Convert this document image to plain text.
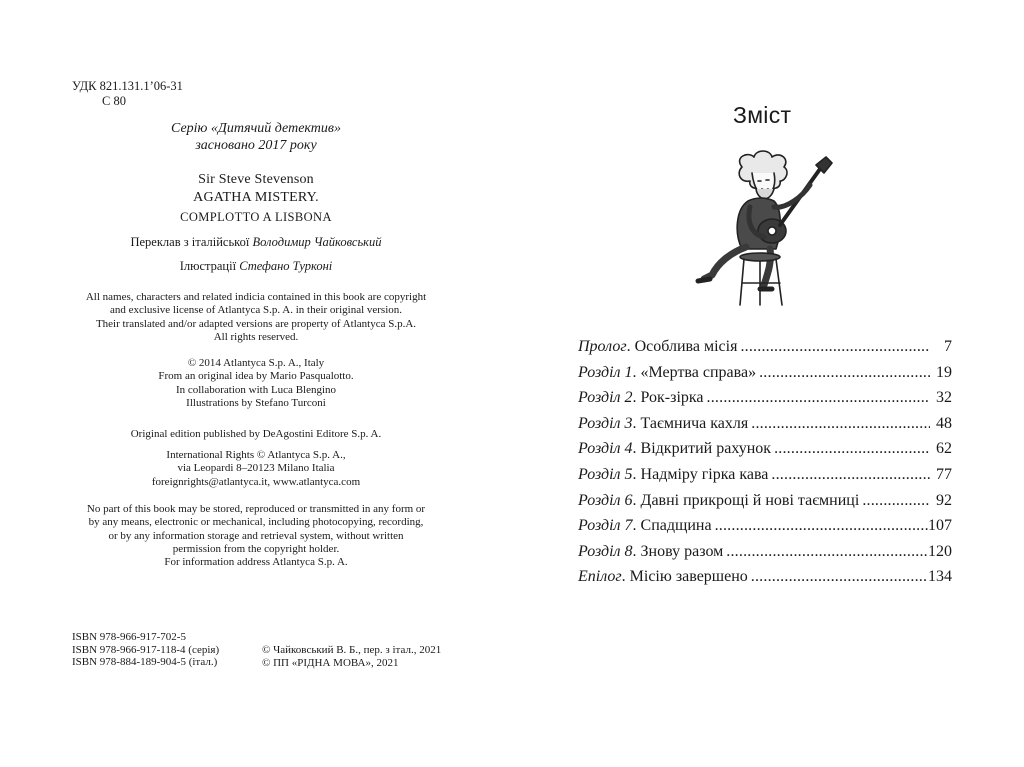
УДК 821.131.1’06-31
С 80
Серію «Дитячий детектив»
засновано 2017 року
Sir Steve Stevenson
AGATHA MISTERY.
COMPLOTTO A LISBONA
Переклав з італійської Володимир Чайковський
Ілюстрації Стефано Турконі
All names, characters and related indicia contained in this book are copyright
and exclusive license of Atlantyca S.p. A. in their original version.
Their translated and/or adapted versions are property of Atlantyca S.p.A.
All rights reserved.
© 2014 Atlantyca S.p. A., Italy
From an original idea by Mario Pasqualotto.
In collaboration with Luca Blengino
Illustrations by Stefano Turconi
Original edition published by DeAgostini Editore S.p. A.
International Rights © Atlantyca S.p. A.,
via Leopardi 8–20123 Milano Italia
foreignrights@atlantyca.it, www.atlantyca.com
No part of this book may be stored, reproduced or transmitted in any form or
by any means, electronic or mechanical, including photocopying, recording,
or by any information storage and retrieval system, without written
permission from the copyright holder.
For information address Atlantyca S.p. A.
ISBN 978-966-917-702-5
ISBN 978-966-917-118-4 (серія)
ISBN 978-884-189-904-5 (італ.)
© Чайковський В. Б., пер. з італ., 2021
© ПП «РІДНА МОВА», 2021
Зміст
Пролог . Особлива місія . . .	7
Розділ 1 . «Мертва справа» . . .	19
Розділ 2 . Рок-зірка . . .	32
Розділ 3 . Таємнича кахля . . .	48
Розділ 4 . Відкритий рахунок . . .	62
Розділ 5 . Надміру гірка кава . . .	77
Розділ 6 . Давні прикрощі й нові таємниці . . .	92
Розділ 7 . Спадщина . . .	107
Розділ 8 . Знову разом . . .	120
Епілог . Місію завершено . . .	134
